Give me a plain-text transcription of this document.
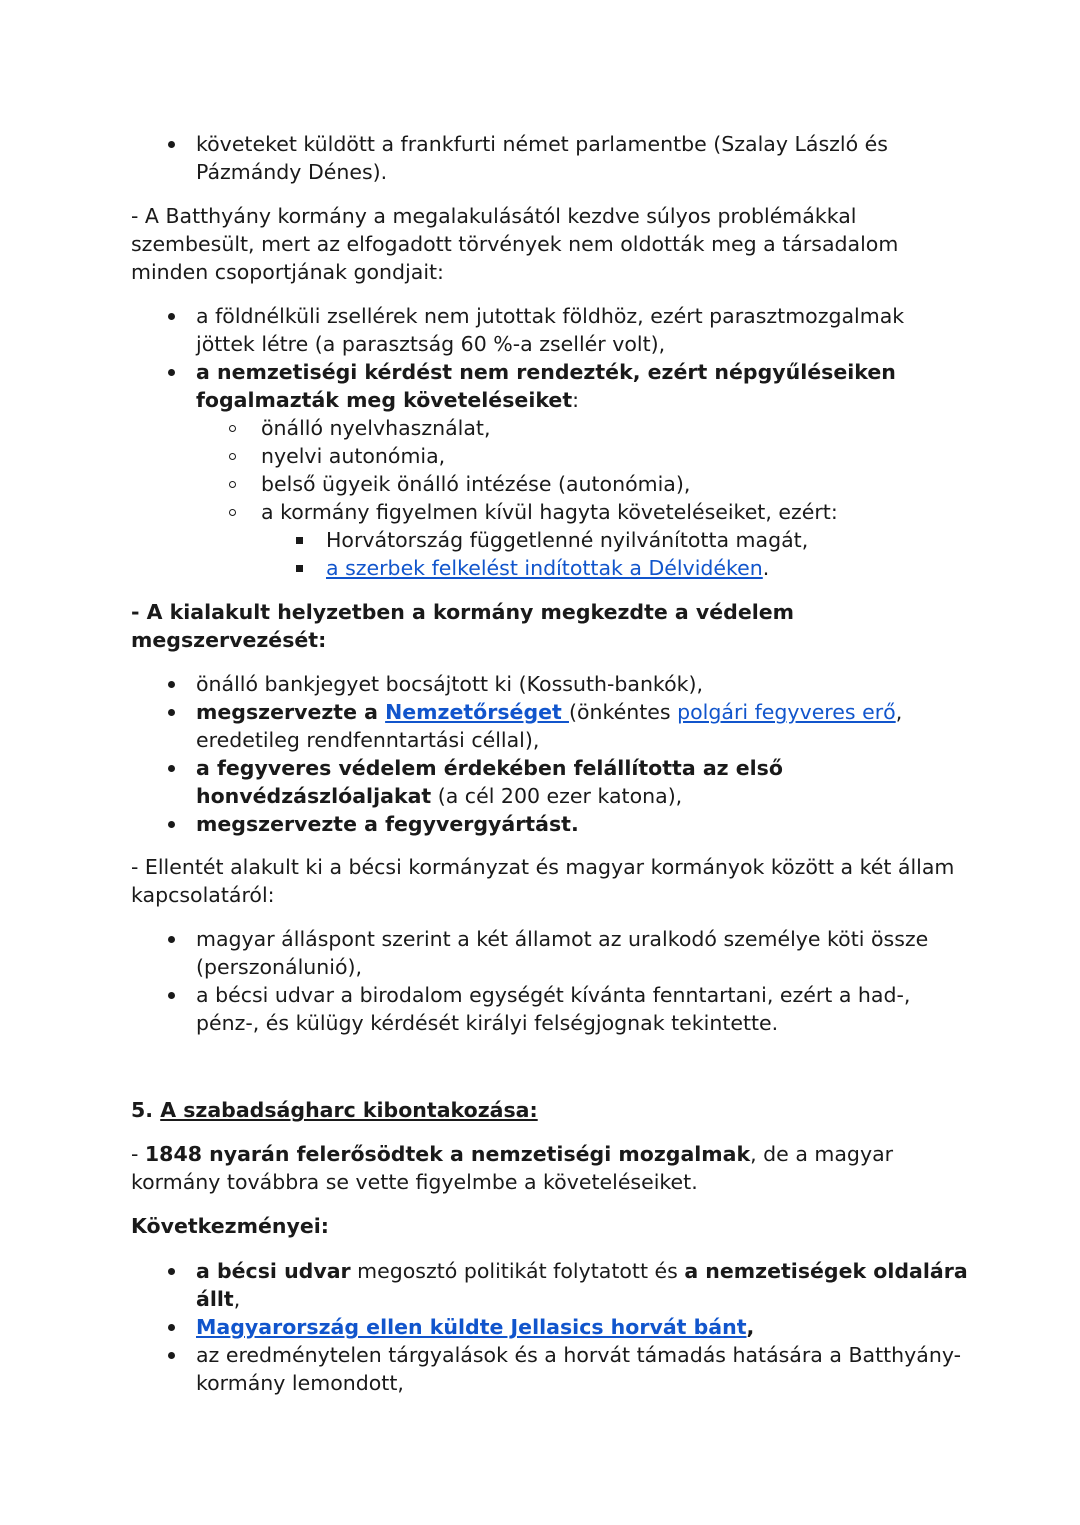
követeket küldött a frankfurti német parlamentbe (Szalay László és
Pázmándy Dénes).
- A Batthyány kormány a megalakulásától kezdve súlyos problémákkal
szembesült, mert az elfogadott törvények nem oldották meg a társadalom
minden csoportjának gondjait:
a földnélküli zsellérek nem jutottak földhöz, ezért parasztmozgalmak
jöttek létre (a parasztság 60 %-a zsellér volt),
a nemzetiségi kérdést nem rendezték, ezért népgyűléseiken
fogalmazták meg követeléseiket:
önálló nyelvhasználat,
nyelvi autonómia,
belső ügyeik önálló intézése (autonómia),
a kormány figyelmen kívül hagyta követeléseiket, ezért:
Horvátország függetlenné nyilvánította magát,
a szerbek felkelést indítottak a Délvidéken.
- A kialakult helyzetben a kormány megkezdte a védelem
megszervezését:
önálló bankjegyet bocsájtott ki (Kossuth-bankók),
megszervezte a Nemzetőrséget (önkéntes polgári fegyveres erő,
eredetileg rendfenntartási céllal),
a fegyveres védelem érdekében felállította az első
honvédzászlóaljakat (a cél 200 ezer katona),
megszervezte a fegyvergyártást.
- Ellentét alakult ki a bécsi kormányzat és magyar kormányok között a két állam
kapcsolatáról:
magyar álláspont szerint a két államot az uralkodó személye köti össze
(perszonálunió),
a bécsi udvar a birodalom egységét kívánta fenntartani, ezért a had-,
pénz-, és külügy kérdését királyi felségjognak tekintette.
5. A szabadságharc kibontakozása:
- 1848 nyarán felerősödtek a nemzetiségi mozgalmak, de a magyar
kormány továbbra se vette figyelmbe a követeléseiket.
Következményei:
a bécsi udvar megosztó politikát folytatott és a nemzetiségek oldalára
állt,
Magyarország ellen küldte Jellasics horvát bánt,
az eredménytelen tárgyalások és a horvát támadás hatására a Batthyány-
kormány lemondott,
